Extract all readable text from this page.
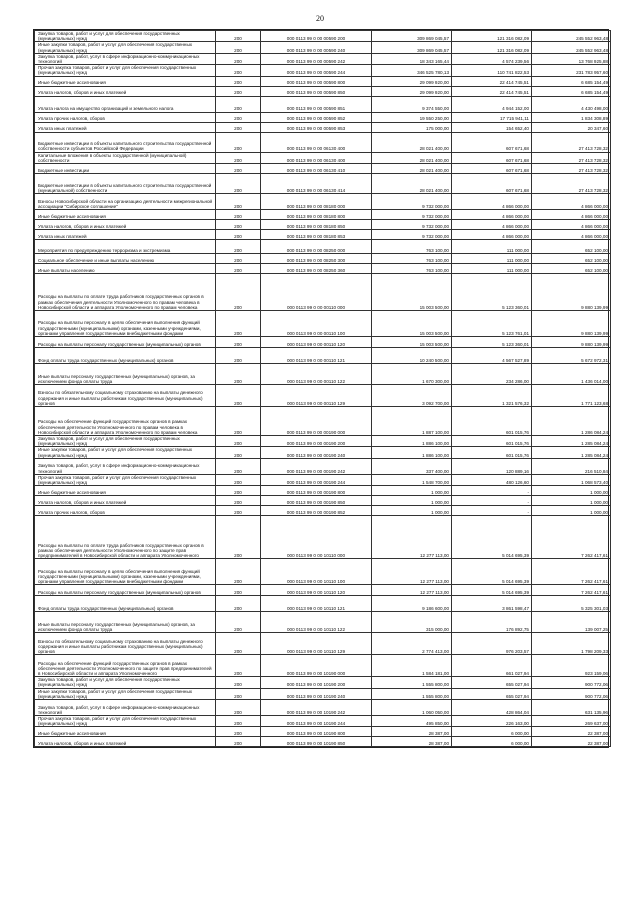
20
Закупка товаров, работ и услуг для обеспечения государственных (муниципальных) нужд	200	000 0113 99 0 00 00590 200	309 869 045,57	121 316 082,09	245 552 963,48
Иные закупки товаров, работ и услуг для обеспечения государственных (муниципальных) нужд	200	000 0113 99 0 00 00590 240	309 869 045,57	121 316 082,09	245 552 963,48
Закупка товаров, работ, услуг в сфере информационно-коммуникационных технологий	200	000 0113 99 0 00 00590 242	18 343 165,44	4 574 239,56	13 768 925,88
Прочая закупка товаров, работ и услуг для обеспечения государственных (муниципальных) нужд	200	000 0113 99 0 00 00590 244	346 525 780,13	110 741 822,53	231 783 957,60
Иные бюджетные ассигнования	200	000 0113 99 0 00 00590 800	29 099 920,00	22 414 745,51	6 685 154,49
Уплата налогов, сборов и иных платежей	200	000 0113 99 0 00 00590 850	29 099 920,00	22 414 745,51	6 685 154,49
Уплата налога на имущество организаций и земельного налога	200	000 0113 99 0 00 00590 851	9 374 550,00	4 944 152,00	4 430 498,00
Уплата прочих налогов, сборов	200	000 0113 99 0 00 00590 852	19 550 250,00	17 715 941,11	1 834 308,89
Уплата иных платежей	200	000 0113 99 0 00 00590 853	175 000,00	154 652,40	20 347,60
Бюджетные инвестиции в объекты капитального строительства государственной собственности субъектов Российской Федерации	200	000 0113 99 0 00 06130 400	28 021 400,00	607 671,68	27 413 728,32
Капитальные вложения в объекты государственной (муниципальной) собственности	200	000 0113 99 0 00 06130 400	28 021 400,00	607 671,68	27 413 728,32
Бюджетные инвестиции	200	000 0113 99 0 00 06130 410	28 021 400,00	607 671,68	27 413 728,32
Бюджетные инвестиции в объекты капитального строительства государственной (муниципальной) собственности	200	000 0113 99 0 00 06130 414	28 021 400,00	607 671,68	27 413 728,32
Взносы Новосибирской области на организацию деятельности межрегиональной ассоциации "Сибирское соглашение"	200	000 0113 99 0 00 08180 000	9 732 000,00	4 866 000,00	4 866 000,00
Иные бюджетные ассигнования	200	000 0113 99 0 00 08180 800	9 732 000,00	4 866 000,00	4 866 000,00
Уплата налогов, сборов и иных платежей	200	000 0113 99 0 00 08180 850	9 732 000,00	4 866 000,00	4 866 000,00
Уплата иных платежей	200	000 0113 99 0 00 08180 853	9 732 000,00	4 866 000,00	4 866 000,00
Мероприятия по предупреждению терроризма и экстремизма	200	000 0113 99 0 00 08250 000	763 100,00	111 000,00	652 100,00
Социальное обеспечение и иные выплаты населению	200	000 0113 99 0 00 08250 300	763 100,00	111 000,00	652 100,00
Иные выплаты населению	200	000 0113 99 0 00 08250 360	763 100,00	111 000,00	652 100,00
Расходы на выплаты по оплате труда работников государственных органов в рамках обеспечения деятельности Уполномоченного по правам человека в Новосибирской области и аппарата Уполномоченного по правам человека	200	000 0113 99 0 00 00110 000	15 003 500,00	5 123 360,01	9 880 139,99
Расходы на выплаты персоналу в целях обеспечения выполнения функций государственными (муниципальными) органами, казенными учреждениями, органами управления государственными внебюджетными фондами	200	000 0113 99 0 00 00110 100	15 003 500,00	5 123 761,01	9 880 139,99
Расходы на выплаты персоналу государственных (муниципальных) органов	200	000 0113 99 0 00 00110 120	15 003 500,00	5 123 360,01	9 880 139,99
Фонд оплаты труда государственных (муниципальных) органов	200	000 0113 99 0 00 00110 121	10 240 500,00	4 567 527,89	5 672 972,31
Иные выплаты персоналу государственных (муниципальных) органов, за исключением фонда оплаты труда	200	000 0113 99 0 00 00110 122	1 670 300,00	234 286,00	1 436 014,00
Взносы по обязательному социальному страхованию на выплаты денежного содержания и иные выплаты работникам государственных (муниципальных) органов	200	000 0113 99 0 00 00110 129	3 092 700,00	1 321 576,32	1 771 123,68
Расходы на обеспечение функций государственных органов в рамках обеспечения деятельности Уполномоченного по правам человека в Новосибирской области и аппарата Уполномоченного по правам человека	200	000 0113 99 0 00 00190 000	1 887 100,00	601 015,76	1 286 084,24
Закупка товаров, работ и услуг для обеспечения государственных (муниципальных) нужд	200	000 0113 99 0 00 00190 200	1 886 100,00	601 015,76	1 285 084,24
Иные закупки товаров, работ и услуг для обеспечения государственных (муниципальных) нужд	200	000 0113 99 0 00 00190 240	1 886 100,00	601 015,76	1 285 084,24
Закупка товаров, работ, услуг в сфере информационно-коммуникационных технологий	200	000 0113 99 0 00 00190 242	337 400,00	120 889,16	216 510,84
Прочая закупка товаров, работ и услуг для обеспечения государственных (муниципальных) нужд	200	000 0113 99 0 00 00190 244	1 548 700,00	480 126,60	1 068 573,40
Иные бюджетные ассигнования	200	000 0113 99 0 00 00190 800	1 000,00	-	1 000,00
Уплата налогов, сборов и иных платежей	200	000 0113 99 0 00 00190 850	1 000,00	-	1 000,00
Уплата прочих налогов, сборов	200	000 0113 99 0 00 00190 852	1 000,00	-	1 000,00
Расходы на выплаты по оплате труда работников государственных органов в рамках обеспечения деятельности Уполномоченного по защите прав предпринимателей в Новосибирской области и аппарата Уполномоченного	200	000 0113 99 0 00 10110 000	12 277 113,00	5 014 695,39	7 262 417,61
Расходы на выплаты персоналу в целях обеспечения выполнения функций государственными (муниципальными) органами, казенными учреждениями, органами управления государственными внебюджетными фондами	200	000 0113 99 0 00 10110 100	12 277 113,00	5 014 695,39	7 262 417,61
Расходы на выплаты персоналу государственных (муниципальных) органов	200	000 0113 99 0 00 10110 120	12 277 113,00	5 014 695,39	7 262 417,61
Фонд оплаты труда государственных (муниципальных) органов	200	000 0113 99 0 00 10110 121	9 186 600,00	3 861 598,47	5 325 301,03
Иные выплаты персоналу государственных (муниципальных) органов, за исключением фонда оплаты труда	200	000 0113 99 0 00 10110 122	315 000,00	176 892,75	139 007,25
Взносы по обязательному социальному страхованию на выплаты денежного содержания и иные выплаты работникам государственных (муниципальных) органов	200	000 0113 99 0 00 10110 129	2 774 413,00	976 203,57	1 798 209,33
Расходы на обеспечение функций государственных органов в рамках обеспечения деятельности Уполномоченного по защите прав предпринимателей в Новосибирской области и аппарата Уполномоченного	200	000 0113 99 0 00 10190 000	1 584 181,00	661 027,94	923 159,06
Закупка товаров, работ и услуг для обеспечения государственных (муниципальных) нужд	200	000 0113 99 0 00 10190 200	1 555 800,00	655 027,94	900 772,06
Иные закупки товаров, работ и услуг для обеспечения государственных (муниципальных) нужд	200	000 0113 99 0 00 10190 240	1 555 800,00	655 027,94	900 772,06
Закупка товаров, работ, услуг в сфере информационно-коммуникационных технологий	200	000 0113 99 0 00 10190 242	1 060 050,00	428 864,04	631 135,96
Прочая закупка товаров, работ и услуг для обеспечения государственных (муниципальных) нужд	200	000 0113 99 0 00 10190 244	495 850,00	226 163,00	269 637,00
Иные бюджетные ассигнования	200	000 0113 99 0 00 10190 800	28 387,00	6 000,00	22 387,00
Уплата налогов, сборов и иных платежей	200	000 0113 99 0 00 10190 850	28 387,00	6 000,00	22 387,00
